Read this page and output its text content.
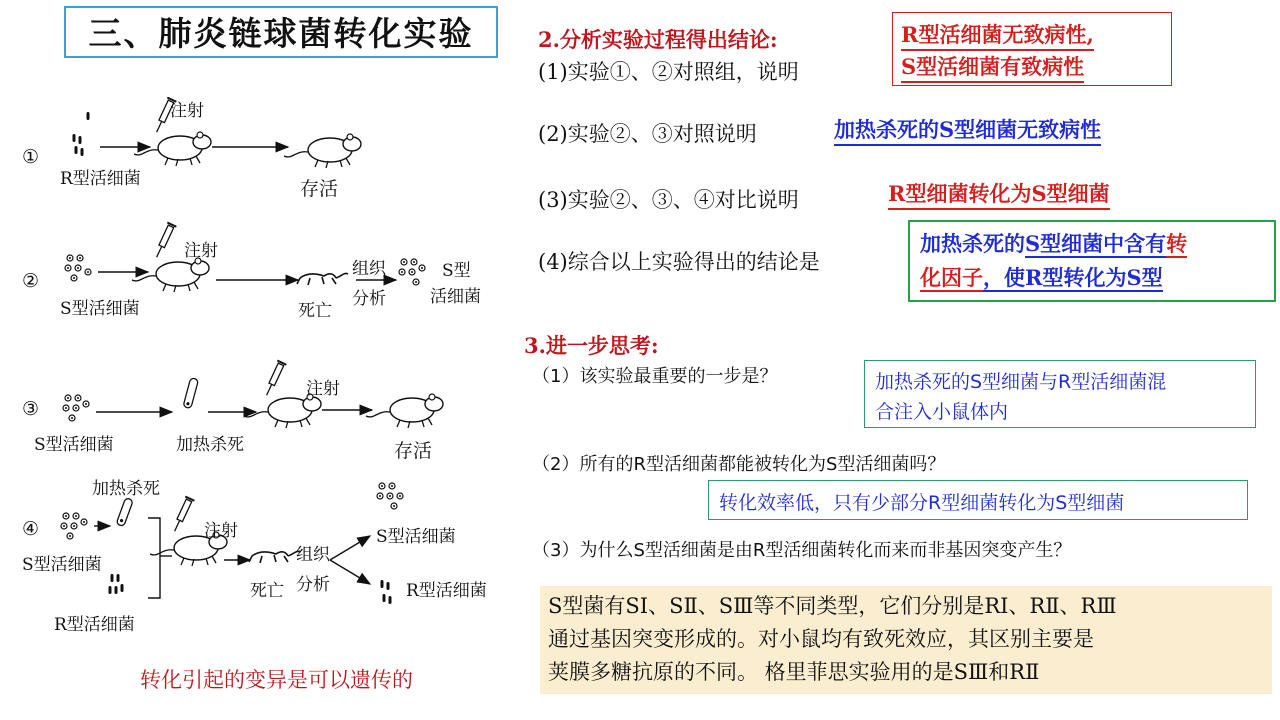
三、肺炎链球菌转化实验
①
R型活细菌
注射
存活
②
S型活细菌
注射
死亡
组织
分析
S型
活细菌
③
S型活细菌	加热杀死
注射
存活
④
加热杀死
S型活细菌
R型活细菌
注射
死亡
组织
分析
S型活细菌
R型活细菌
转化引起的变异是可以遗传的
2.分析实验过程得出结论:
(1)实验①、②对照组，说明
R型活细菌无致病性,
S型活细菌有致病性
(2)实验②、③对照说明	加热杀死的S型细菌无致病性
(3)实验②、③、④对比说明	R型细菌转化为S型细菌
(4)综合以上实验得出的结论是
加热杀死的S型细菌中含有转
化因子，使R型转化为S型
3.进一步思考:
（1）该实验最重要的一步是？	加热杀死的S型细菌与R型活细菌混
合注入小鼠体内
（2）所有的R型活细菌都能被转化为S型活细菌吗？
转化效率低，只有少部分R型细菌转化为S型细菌
（3）为什么S型活细菌是由R型活细菌转化而来而非基因突变产生？
S型菌有SI、SⅡ、SⅢ等不同类型，它们分别是RI、RⅡ、RⅢ
通过基因突变形成的。对小鼠均有致死效应，其区别主要是
荚膜多糖抗原的不同。 格里菲思实验用的是SⅢ和RⅡ
